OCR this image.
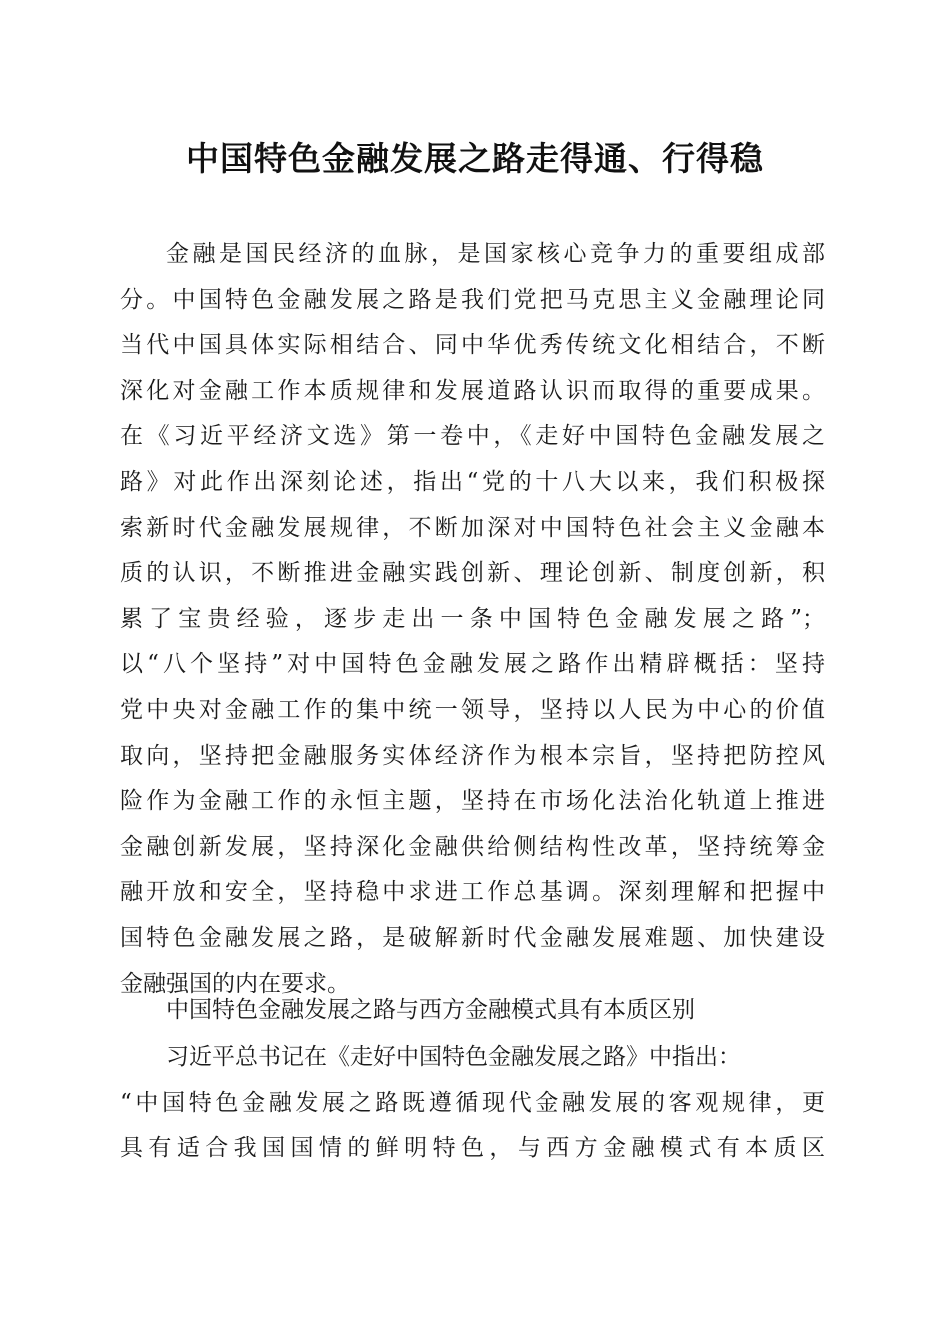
中国特色金融发展之路走得通、行得稳
金融是国民经济的血脉，是国家核心竞争力的重要组成部
分。中国特色金融发展之路是我们党把马克思主义金融理论同
当代中国具体实际相结合、同中华优秀传统文化相结合，不断
深化对金融工作本质规律和发展道路认识而取得的重要成果。
在《习近平经济文选》第一卷中，《走好中国特色金融发展之
路》对此作出深刻论述，指出“党的十八大以来，我们积极探
索新时代金融发展规律，不断加深对中国特色社会主义金融本
质的认识，不断推进金融实践创新、理论创新、制度创新，积
累了宝贵经验，逐步走出一条中国特色金融发展之路”；
以“八个坚持”对中国特色金融发展之路作出精辟概括：坚持
党中央对金融工作的集中统一领导，坚持以人民为中心的价值
取向，坚持把金融服务实体经济作为根本宗旨，坚持把防控风
险作为金融工作的永恒主题，坚持在市场化法治化轨道上推进
金融创新发展，坚持深化金融供给侧结构性改革，坚持统筹金
融开放和安全，坚持稳中求进工作总基调。深刻理解和把握中
国特色金融发展之路，是破解新时代金融发展难题、加快建设
金融强国的内在要求。
中国特色金融发展之路与西方金融模式具有本质区别
习近平总书记在《走好中国特色金融发展之路》中指出：
“中国特色金融发展之路既遵循现代金融发展的客观规律，更
具有适合我国国情的鲜明特色，与西方金融模式有本质区
